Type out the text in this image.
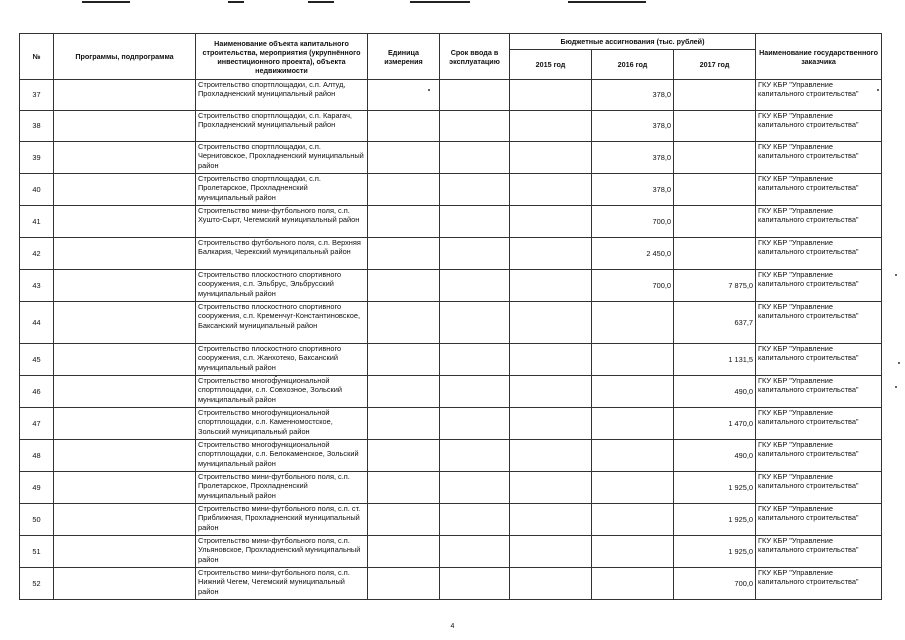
№	Программы, подпрограмма	Наименование объекта капитального строительства, мероприятия (укрупнённого инвестиционного проекта), объекта недвижимости	Единица измерения	Срок ввода в эксплуатацию	Бюджетные ассигнования (тыс. рублей)			Наименование государственного заказчика
					2015 год	2016 год	2017 год	
37		Строительство спортплощадки, с.п. Алтуд, Прохладненский муниципальный район				378,0		ГКУ КБР "Управление капитального строительства"
38		Строительство спортплощадки, с.п. Карагач, Прохладненский муниципальный район				378,0		ГКУ КБР "Управление капитального строительства"
39		Строительство спортплощадки, с.п. Черниговское, Прохладненский муниципальный район				378,0		ГКУ КБР "Управление капитального строительства"
40		Строительство спортплощадки, с.п. Пролетарское, Прохладненский муниципальный район				378,0		ГКУ КБР "Управление капитального строительства"
41		Строительство мини-футбольного поля, с.п. Хушто-Сырт, Чегемский муниципальный район				700,0		ГКУ КБР "Управление капитального строительства"
42		Строительство футбольного поля, с.п. Верхняя Балкария, Черекский муниципальный район				2 450,0		ГКУ КБР "Управление капитального строительства"
43		Строительство плоскостного спортивного сооружения, с.п. Эльбрус, Эльбрусский муниципальный район				700,0	7 875,0	ГКУ КБР "Управление капитального строительства"
44		Строительство плоскостного спортивного сооружения, с.п. Кременчуг-Константиновское, Баксанский муниципальный район					637,7	ГКУ КБР "Управление капитального строительства"
45		Строительство плоскостного спортивного сооружения, с.п. Жанхотеко, Баксанский муниципальный район					1 131,5	ГКУ КБР "Управление капитального строительства"
46		Строительство многофункциональной спортплощадки, с.п. Совхозное, Зольский муниципальный район					490,0	ГКУ КБР "Управление капитального строительства"
47		Строительство многофункциональной спортплощадки, с.п. Каменномостское, Зольский муниципальный район					1 470,0	ГКУ КБР "Управление капитального строительства"
48		Строительство многофункциональной спортплощадки, с.п. Белокаменское, Зольский муниципальный район					490,0	ГКУ КБР "Управление капитального строительства"
49		Строительство мини-футбольного поля, с.п. Пролетарское, Прохладненский муниципальный район					1 925,0	ГКУ КБР "Управление капитального строительства"
50		Строительство мини-футбольного поля, с.п. ст. Приближная, Прохладненский муниципальный район					1 925,0	ГКУ КБР "Управление капитального строительства"
51		Строительство мини-футбольного поля, с.п. Ульяновское, Прохладненский муниципальный район					1 925,0	ГКУ КБР "Управление капитального строительства"
52		Строительство мини-футбольного поля, с.п. Нижний Чегем, Чегемский муниципальный район					700,0	ГКУ КБР "Управление капитального строительства"
4
